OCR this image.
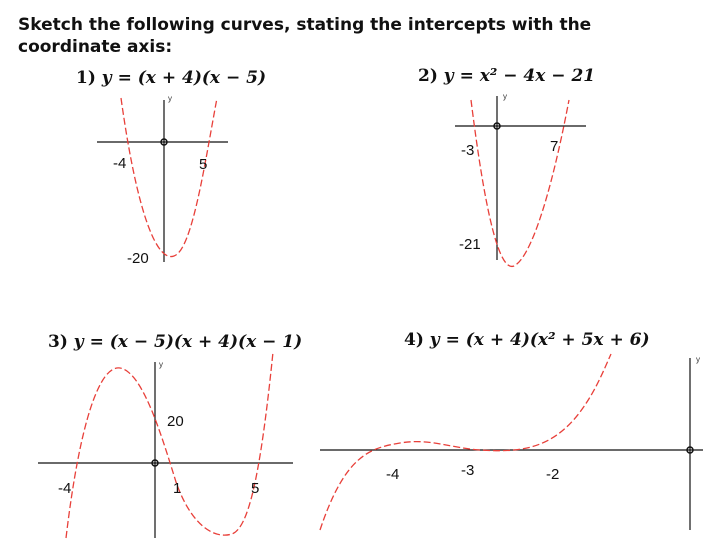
Sketch the following curves, stating the intercepts with the coordinate axis:
1) y = (x + 4)(x − 5)	2) y = x² − 4x − 21
3) y = (x − 5)(x + 4)(x − 1)	4) y = (x + 4)(x² + 5x + 6)
y	y
y
y
-4	5
-20
-3	7
-21
-4	1	5
20
-4	-3	-2
